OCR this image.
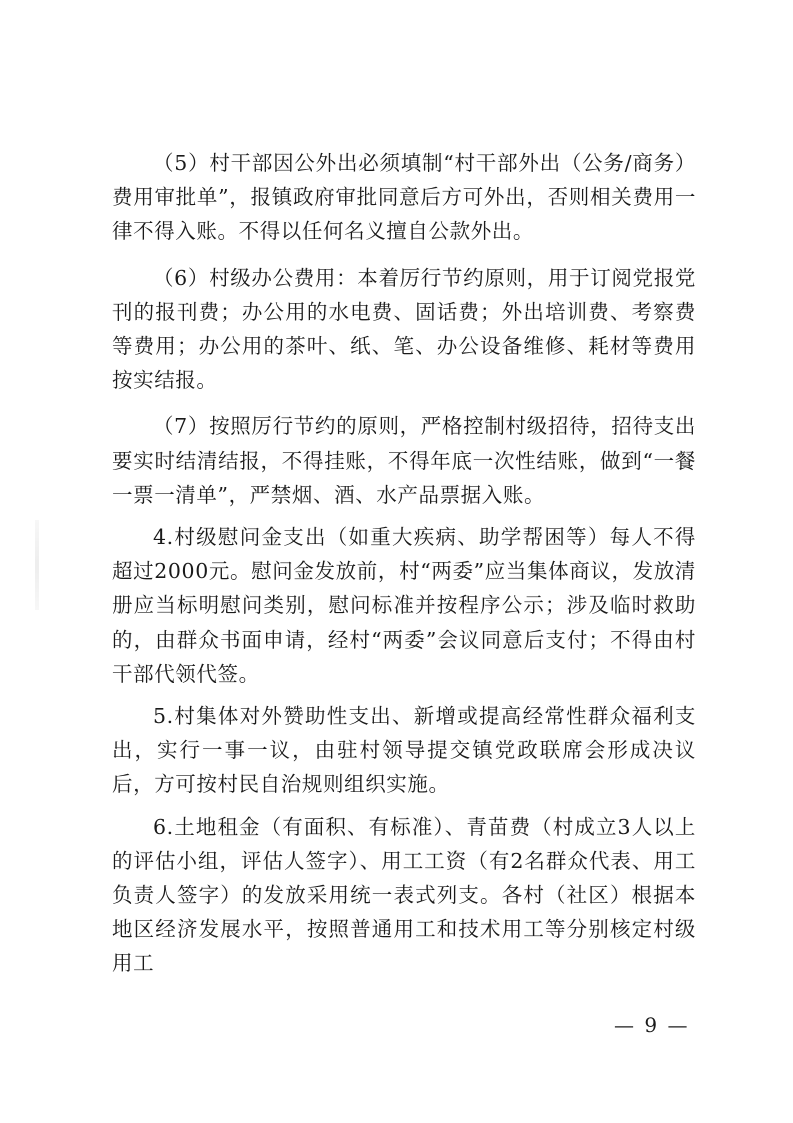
（5）村干部因公外出必须填制“村干部外出（公务/商务）费用审批单”，报镇政府审批同意后方可外出，否则相关费用一律不得入账。不得以任何名义擅自公款外出。

（6）村级办公费用：本着厉行节约原则，用于订阅党报党刊的报刊费；办公用的水电费、固话费；外出培训费、考察费等费用；办公用的茶叶、纸、笔、办公设备维修、耗材等费用按实结报。

（7）按照厉行节约的原则，严格控制村级招待，招待支出要实时结清结报，不得挂账，不得年底一次性结账，做到“一餐一票一清单”，严禁烟、酒、水产品票据入账。

4.村级慰问金支出（如重大疾病、助学帮困等）每人不得超过2000元。慰问金发放前，村“两委”应当集体商议，发放清册应当标明慰问类别，慰问标准并按程序公示；涉及临时救助的，由群众书面申请，经村“两委”会议同意后支付；不得由村干部代领代签。

5.村集体对外赞助性支出、新增或提高经常性群众福利支出，实行一事一议，由驻村领导提交镇党政联席会形成决议后，方可按村民自治规则组织实施。

6.土地租金（有面积、有标准）、青苗费（村成立3人以上的评估小组，评估人签字）、用工工资（有2名群众代表、用工负责人签字）的发放采用统一表式列支。各村（社区）根据本地区经济发展水平，按照普通用工和技术用工等分别核定村级用工

— 9 —
